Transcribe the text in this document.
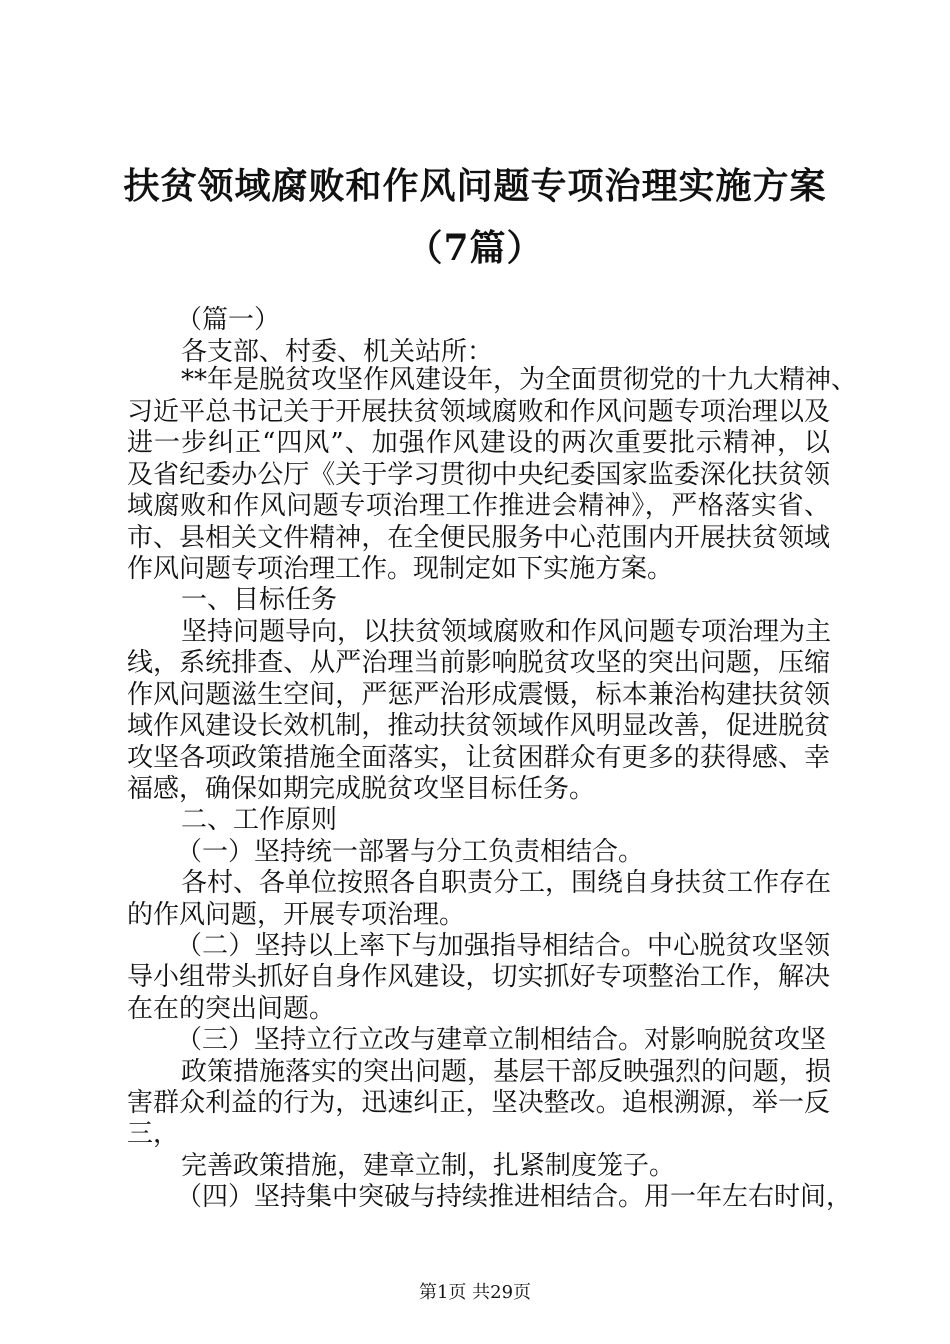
扶贫领域腐败和作风问题专项治理实施方案
（7篇）

（篇一）

各支部、村委、机关站所：

**年是脱贫攻坚作风建设年，为全面贯彻党的十九大精神、

习近平总书记关于开展扶贫领域腐败和作风问题专项治理以及

进一步纠正“四风”、加强作风建设的两次重要批示精神，以

及省纪委办公厅《关于学习贯彻中央纪委国家监委深化扶贫领

域腐败和作风问题专项治理工作推进会精神》，严格落实省、

市、县相关文件精神，在全便民服务中心范围内开展扶贫领域

作风问题专项治理工作。现制定如下实施方案。

一、目标任务

坚持问题导向，以扶贫领域腐败和作风问题专项治理为主

线，系统排查、从严治理当前影响脱贫攻坚的突出问题，压缩

作风问题滋生空间，严惩严治形成震慑，标本兼治构建扶贫领

域作风建设长效机制，推动扶贫领域作风明显改善，促进脱贫

攻坚各项政策措施全面落实，让贫困群众有更多的获得感、幸

福感，确保如期完成脱贫攻坚目标任务。

二、工作原则

（一）坚持统一部署与分工负责相结合。

各村、各单位按照各自职责分工，围绕自身扶贫工作存在

的作风问题，开展专项治理。

（二）坚持以上率下与加强指导相结合。中心脱贫攻坚领

导小组带头抓好自身作风建设，切实抓好专项整治工作，解决

在在的突出间题。

（三）坚持立行立改与建章立制相结合。对影响脱贫攻坚

政策措施落实的突出问题，基层干部反映强烈的问题，损

害群众利益的行为，迅速纠正，坚决整改。追根溯源，举一反

三，

完善政策措施，建章立制，扎紧制度笼子。

（四）坚持集中突破与持续推进相结合。用一年左右时间，

第1页 共29页
